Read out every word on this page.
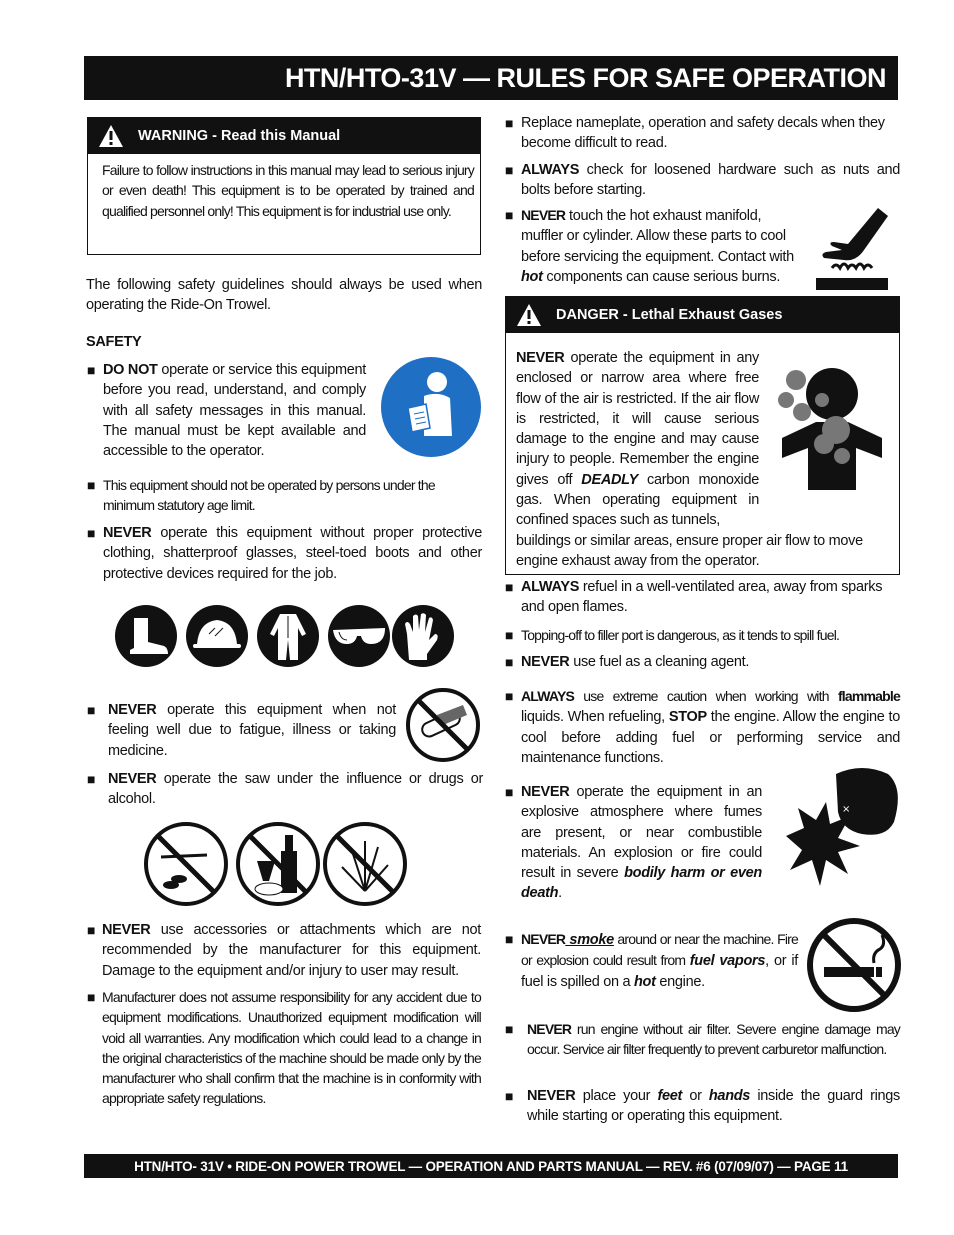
HTN/HTO-31V — RULES FOR SAFE OPERATION
WARNING - Read this Manual
Failure to follow instructions in this manual may lead to serious injury or even death! This equipment is to be operated by trained and qualified personnel only! This equipment is for industrial use only.
The following safety guidelines should always be used when operating the Ride-On Trowel.
SAFETY
■ DO NOT operate or service this equipment before you read, understand, and comply with all safety messages in this manual. The manual must be kept available and accessible to the operator.
■ This equipment should not be operated by persons under the minimum statutory age limit.
■ NEVER operate this equipment without proper protective clothing, shatterproof glasses, steel-toed boots and other protective devices required for the job.
■ NEVER operate this equipment when not feeling well due to fatigue, illness or taking medicine.
■ NEVER operate the saw under the influence or drugs or alcohol.
■ NEVER use accessories or attachments which are not recommended by the manufacturer for this equipment. Damage to the equipment and/or injury to user may result.
■ Manufacturer does not assume responsibility for any accident due to equipment modifications. Unauthorized equipment modification will void all warranties. Any modification which could lead to a change in the original characteristics of the machine should be made only by the manufacturer who shall confirm that the machine is in conformity with appropriate safety regulations.
■ Replace nameplate, operation and safety decals when they become difficult to read.
■ ALWAYS check for loosened hardware such as nuts and bolts before starting.
■ NEVER touch the hot exhaust manifold, muffler or cylinder. Allow these parts to cool before servicing the equipment. Contact with hot components can cause serious burns.
DANGER - Lethal Exhaust Gases
NEVER operate the equipment in any enclosed or narrow area where free flow of the air is restricted. If the air flow is restricted, it will cause serious damage to the engine and may cause injury to people. Remember the engine gives off DEADLY carbon monoxide gas. When operating equipment in confined spaces such as tunnels,
buildings or similar areas, ensure proper air flow to move engine exhaust away from the operator.
■ ALWAYS refuel in a well-ventilated area, away from sparks and open flames.
■ Topping-off to filler port is dangerous, as it tends to spill fuel.
■ NEVER use fuel as a cleaning agent.
■ ALWAYS use extreme caution when working with flammable liquids. When refueling, STOP the engine. Allow the engine to cool before adding fuel or performing service and maintenance functions.
■ NEVER operate the equipment in an explosive atmosphere where fumes are present, or near combustible materials. An explosion or fire could result in severe bodily harm or even death.
×
■ NEVER smoke around or near the machine. Fire or explosion could result from fuel vapors, or if fuel is spilled on a hot engine.
■ NEVER run engine without air filter. Severe engine damage may occur. Service air filter frequently to prevent carburetor malfunction.
■ NEVER place your feet or hands inside the guard rings while starting or operating this equipment.
HTN/HTO- 31V • RIDE-ON POWER TROWEL — OPERATION AND PARTS MANUAL — REV. #6 (07/09/07) — PAGE 11
